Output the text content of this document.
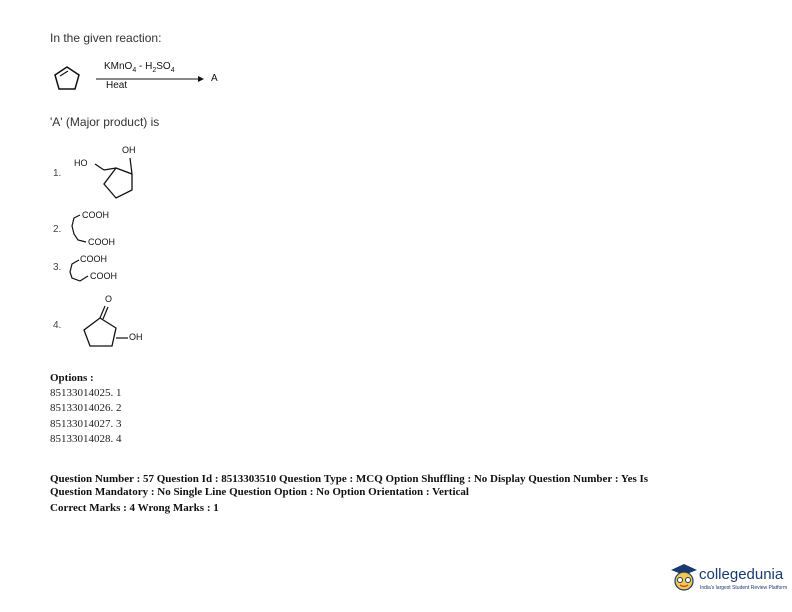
In the given reaction:
KMnO$_4$ - $H_2SO_4$
Heat
A
'A' (Major product) is
1.
HO
OH
2.
COOH
COOH
3.
COOH
COOH
4.
O
OH
Options :
85133014025. 1
85133014026. 2
85133014027. 3
85133014028. 4
Question Number : 57 Question Id : 8513303510 Question Type : MCQ Option Shuffling : No Display Question Number : Yes Is
Question Mandatory : No Single Line Question Option : No Option Orientation : Vertical
Correct Marks : 4 Wrong Marks : 1
collegedunia
India's largest Student Review Platform
